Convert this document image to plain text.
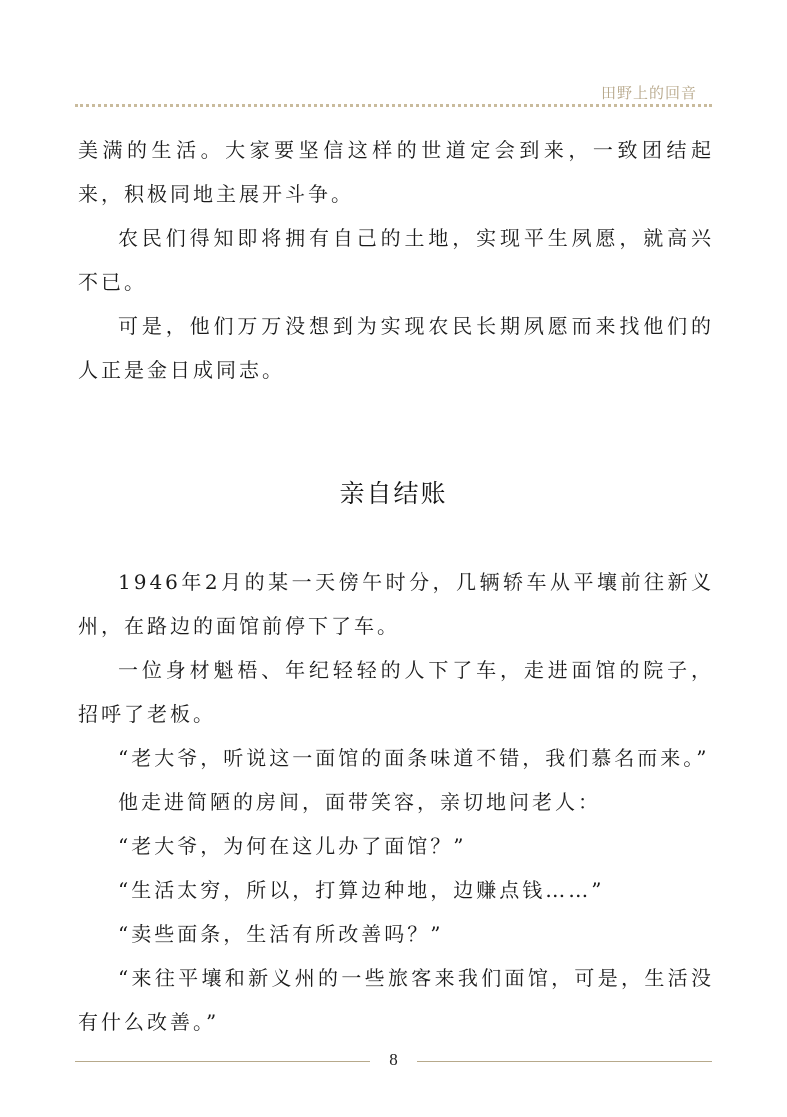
田野上的回音

美满的生活。大家要坚信这样的世道定会到来，一致团结起来，积极同地主展开斗争。

农民们得知即将拥有自己的土地，实现平生夙愿，就高兴不已。

可是，他们万万没想到为实现农民长期夙愿而来找他们的人正是金日成同志。

亲自结账

1946年2月的某一天傍午时分，几辆轿车从平壤前往新义州，在路边的面馆前停下了车。

一位身材魁梧、年纪轻轻的人下了车，走进面馆的院子，招呼了老板。

“老大爷，听说这一面馆的面条味道不错，我们慕名而来。”

他走进简陋的房间，面带笑容，亲切地问老人：

“老大爷，为何在这儿办了面馆？”

“生活太穷，所以，打算边种地，边赚点钱……”

“卖些面条，生活有所改善吗？”

“来往平壤和新义州的一些旅客来我们面馆，可是，生活没有什么改善。”

8
